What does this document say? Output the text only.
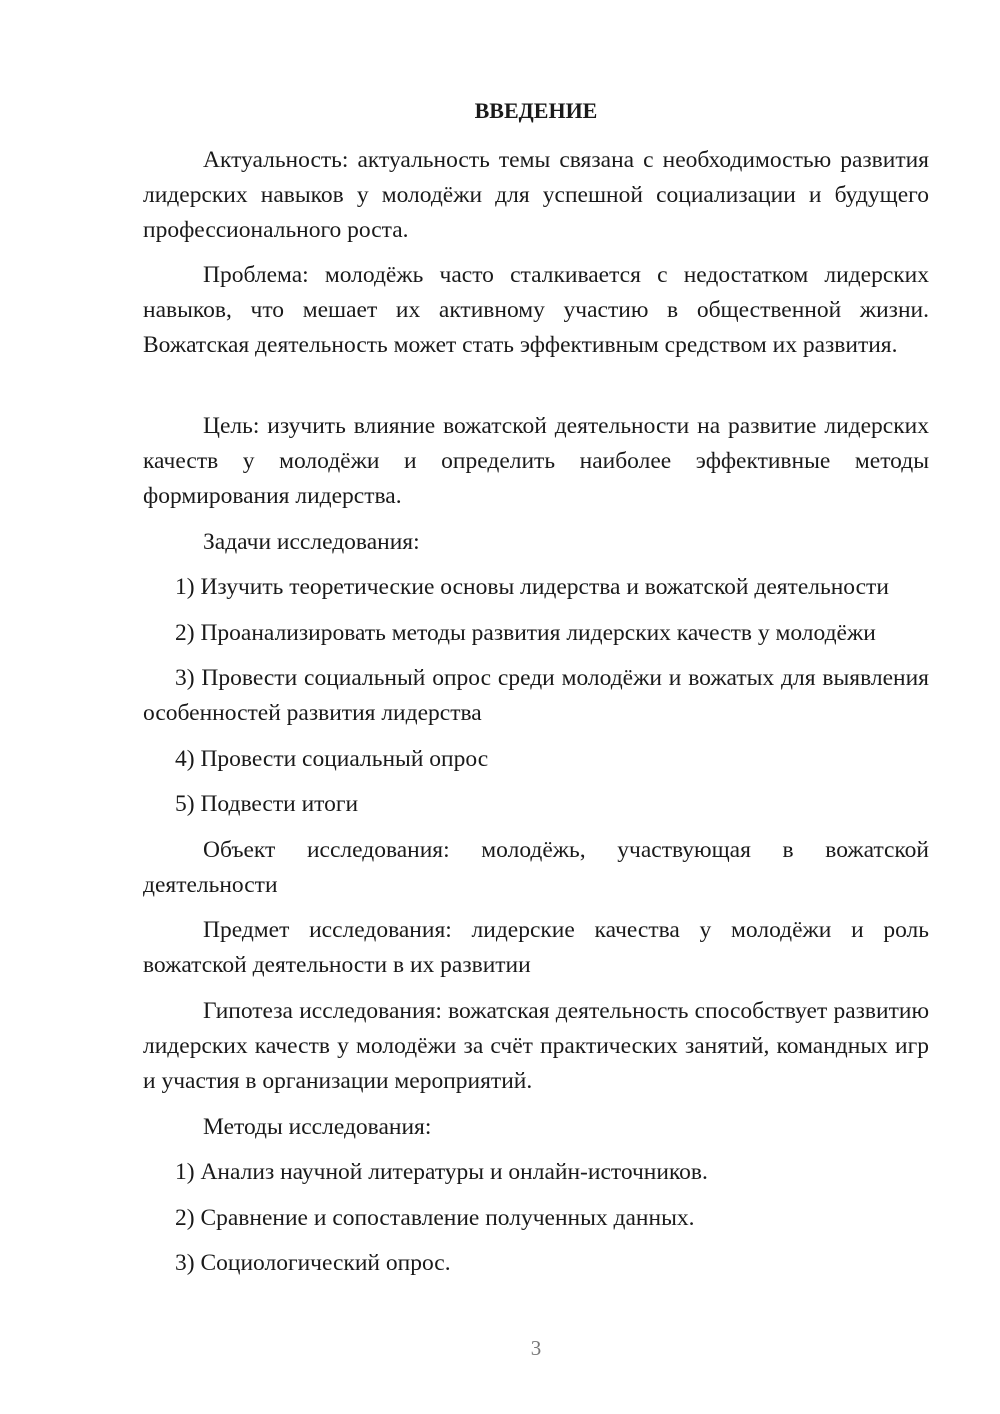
ВВЕДЕНИЕ

Актуальность: актуальность темы связана с необходимостью развития лидерских навыков у молодёжи для успешной социализации и будущего профессионального роста.

Проблема: молодёжь часто сталкивается с недостатком лидерских навыков, что мешает их активному участию в общественной жизни. Вожатская деятельность может стать эффективным средством их развития.

Цель: изучить влияние вожатской деятельности на развитие лидерских качеств у молодёжи и определить наиболее эффективные методы формирования лидерства.

Задачи исследования:

1) Изучить теоретические основы лидерства и вожатской деятельности

2) Проанализировать методы развития лидерских качеств у молодёжи

3) Провести социальный опрос среди молодёжи и вожатых для выявления особенностей развития лидерства

4) Провести социальный опрос

5) Подвести итоги

Объект исследования: молодёжь, участвующая в вожатской деятельности

Предмет исследования: лидерские качества у молодёжи и роль вожатской деятельности в их развитии

Гипотеза исследования: вожатская деятельность способствует развитию лидерских качеств у молодёжи за счёт практических занятий, командных игр и участия в организации мероприятий.

Методы исследования:

1) Анализ научной литературы и онлайн-источников.

2) Сравнение и сопоставление полученных данных.

3) Социологический опрос.

3
